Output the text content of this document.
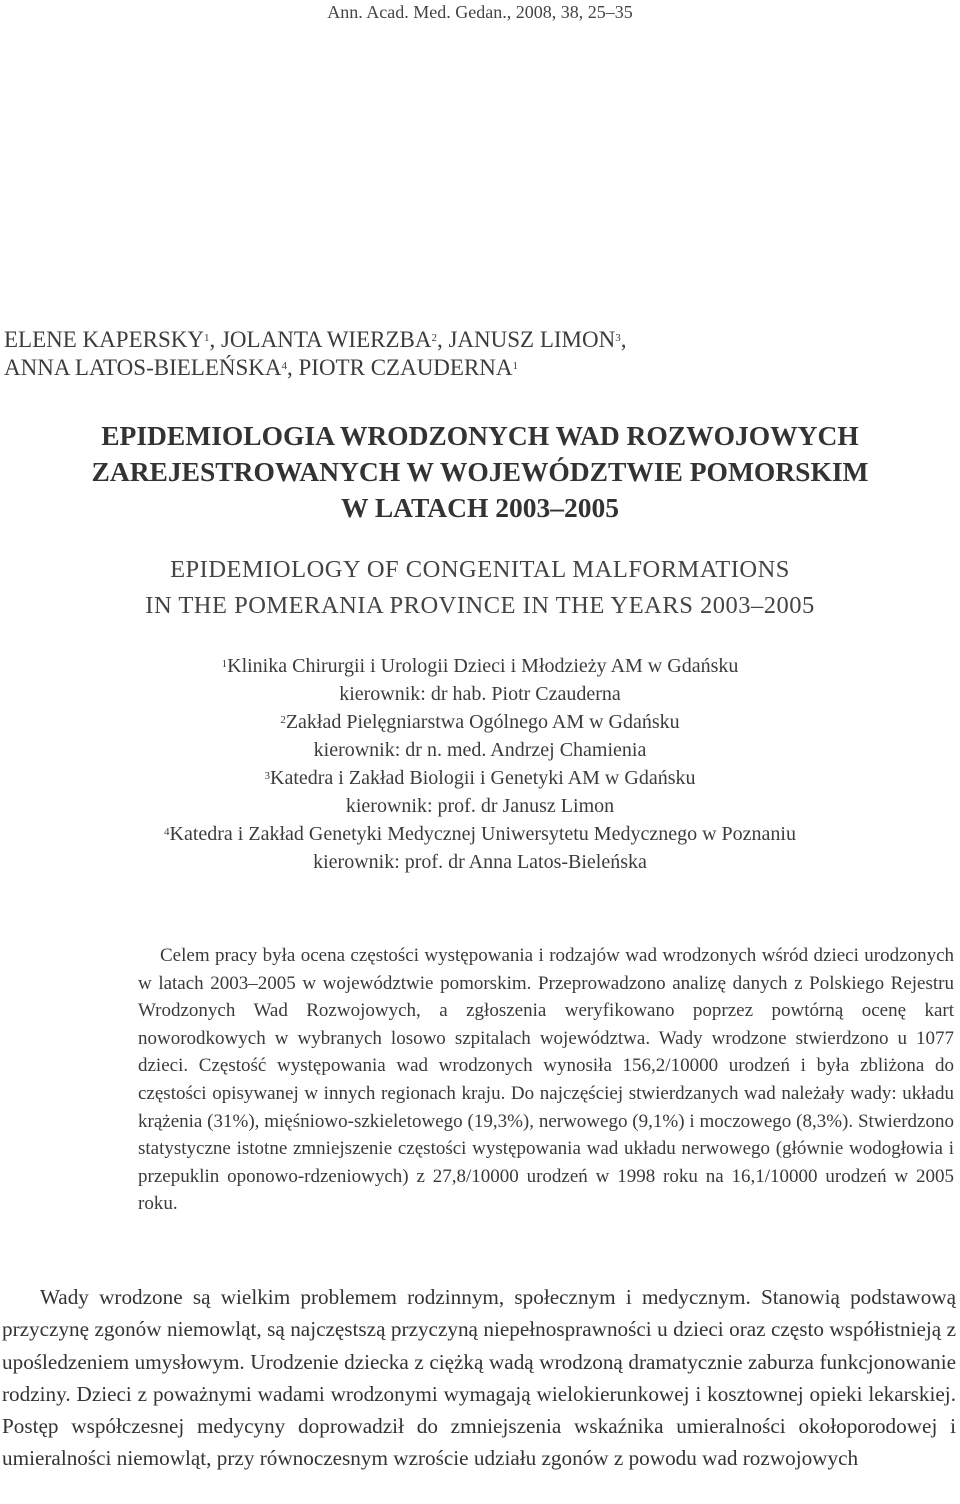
Ann. Acad. Med. Gedan., 2008, 38, 25–35
ELENE KAPERSKY$^1$, JOLANTA WIERZBA$^2$, JANUSZ LIMON$^3$,
ANNA LATOS-BIELEŃSKA$^4$, PIOTR CZAUDERNA$^1$
EPIDEMIOLOGIA WRODZONYCH WAD ROZWOJOWYCH
ZAREJESTROWANYCH W WOJEWÓDZTWIE POMORSKIM
W LATACH 2003–2005
EPIDEMIOLOGY OF CONGENITAL MALFORMATIONS
IN THE POMERANIA PROVINCE IN THE YEARS 2003–2005
$^1$Klinika Chirurgii i Urologii Dzieci i Młodzieży AM w Gdańsku
kierownik: dr hab. Piotr Czauderna
$^2$Zakład Pielęgniarstwa Ogólnego AM w Gdańsku
kierownik: dr n. med. Andrzej Chamienia
$^3$Katedra i Zakład Biologii i Genetyki AM w Gdańsku
kierownik: prof. dr Janusz Limon
$^4$Katedra i Zakład Genetyki Medycznej Uniwersytetu Medycznego w Poznaniu
kierownik: prof. dr Anna Latos-Bieleńska
Celem pracy była ocena częstości występowania i rodzajów wad wrodzonych wśród dzieci urodzonych w latach 2003–2005 w województwie pomorskim. Przeprowadzono analizę danych z Polskiego Rejestru Wrodzonych Wad Rozwojowych, a zgłoszenia weryfikowano poprzez powtórną ocenę kart noworodkowych w wybranych losowo szpitalach województwa. Wady wrodzone stwierdzono u 1077 dzieci. Częstość występowania wad wrodzonych wynosiła 156,2/10000 urodzeń i była zbliżona do częstości opisywanej w innych regionach kraju. Do najczęściej stwierdzanych wad należały wady: układu krążenia (31%), mięśniowo-szkieletowego (19,3%), nerwowego (9,1%) i moczowego (8,3%). Stwierdzono statystyczne istotne zmniejszenie częstości występowania wad układu nerwowego (głównie wodogłowia i przepuklin oponowo-rdzeniowych) z 27,8/10000 urodzeń w 1998 roku na 16,1/10000 urodzeń w 2005 roku.
Wady wrodzone są wielkim problemem rodzinnym, społecznym i medycznym. Stanowią podstawową przyczynę zgonów niemowląt, są najczęstszą przyczyną niepełnosprawności u dzieci oraz często współistnieją z upośledzeniem umysłowym. Urodzenie dziecka z ciężką wadą wrodzoną dramatycznie zaburza funkcjonowanie rodziny. Dzieci z poważnymi wadami wrodzonymi wymagają wielokierunkowej i kosztownej opieki lekarskiej. Postęp współczesnej medycyny doprowadził do zmniejszenia wskaźnika umieralności okołoporodowej i umieralności niemowląt, przy równoczesnym wzroście udziału zgonów z powodu wad rozwojowych
